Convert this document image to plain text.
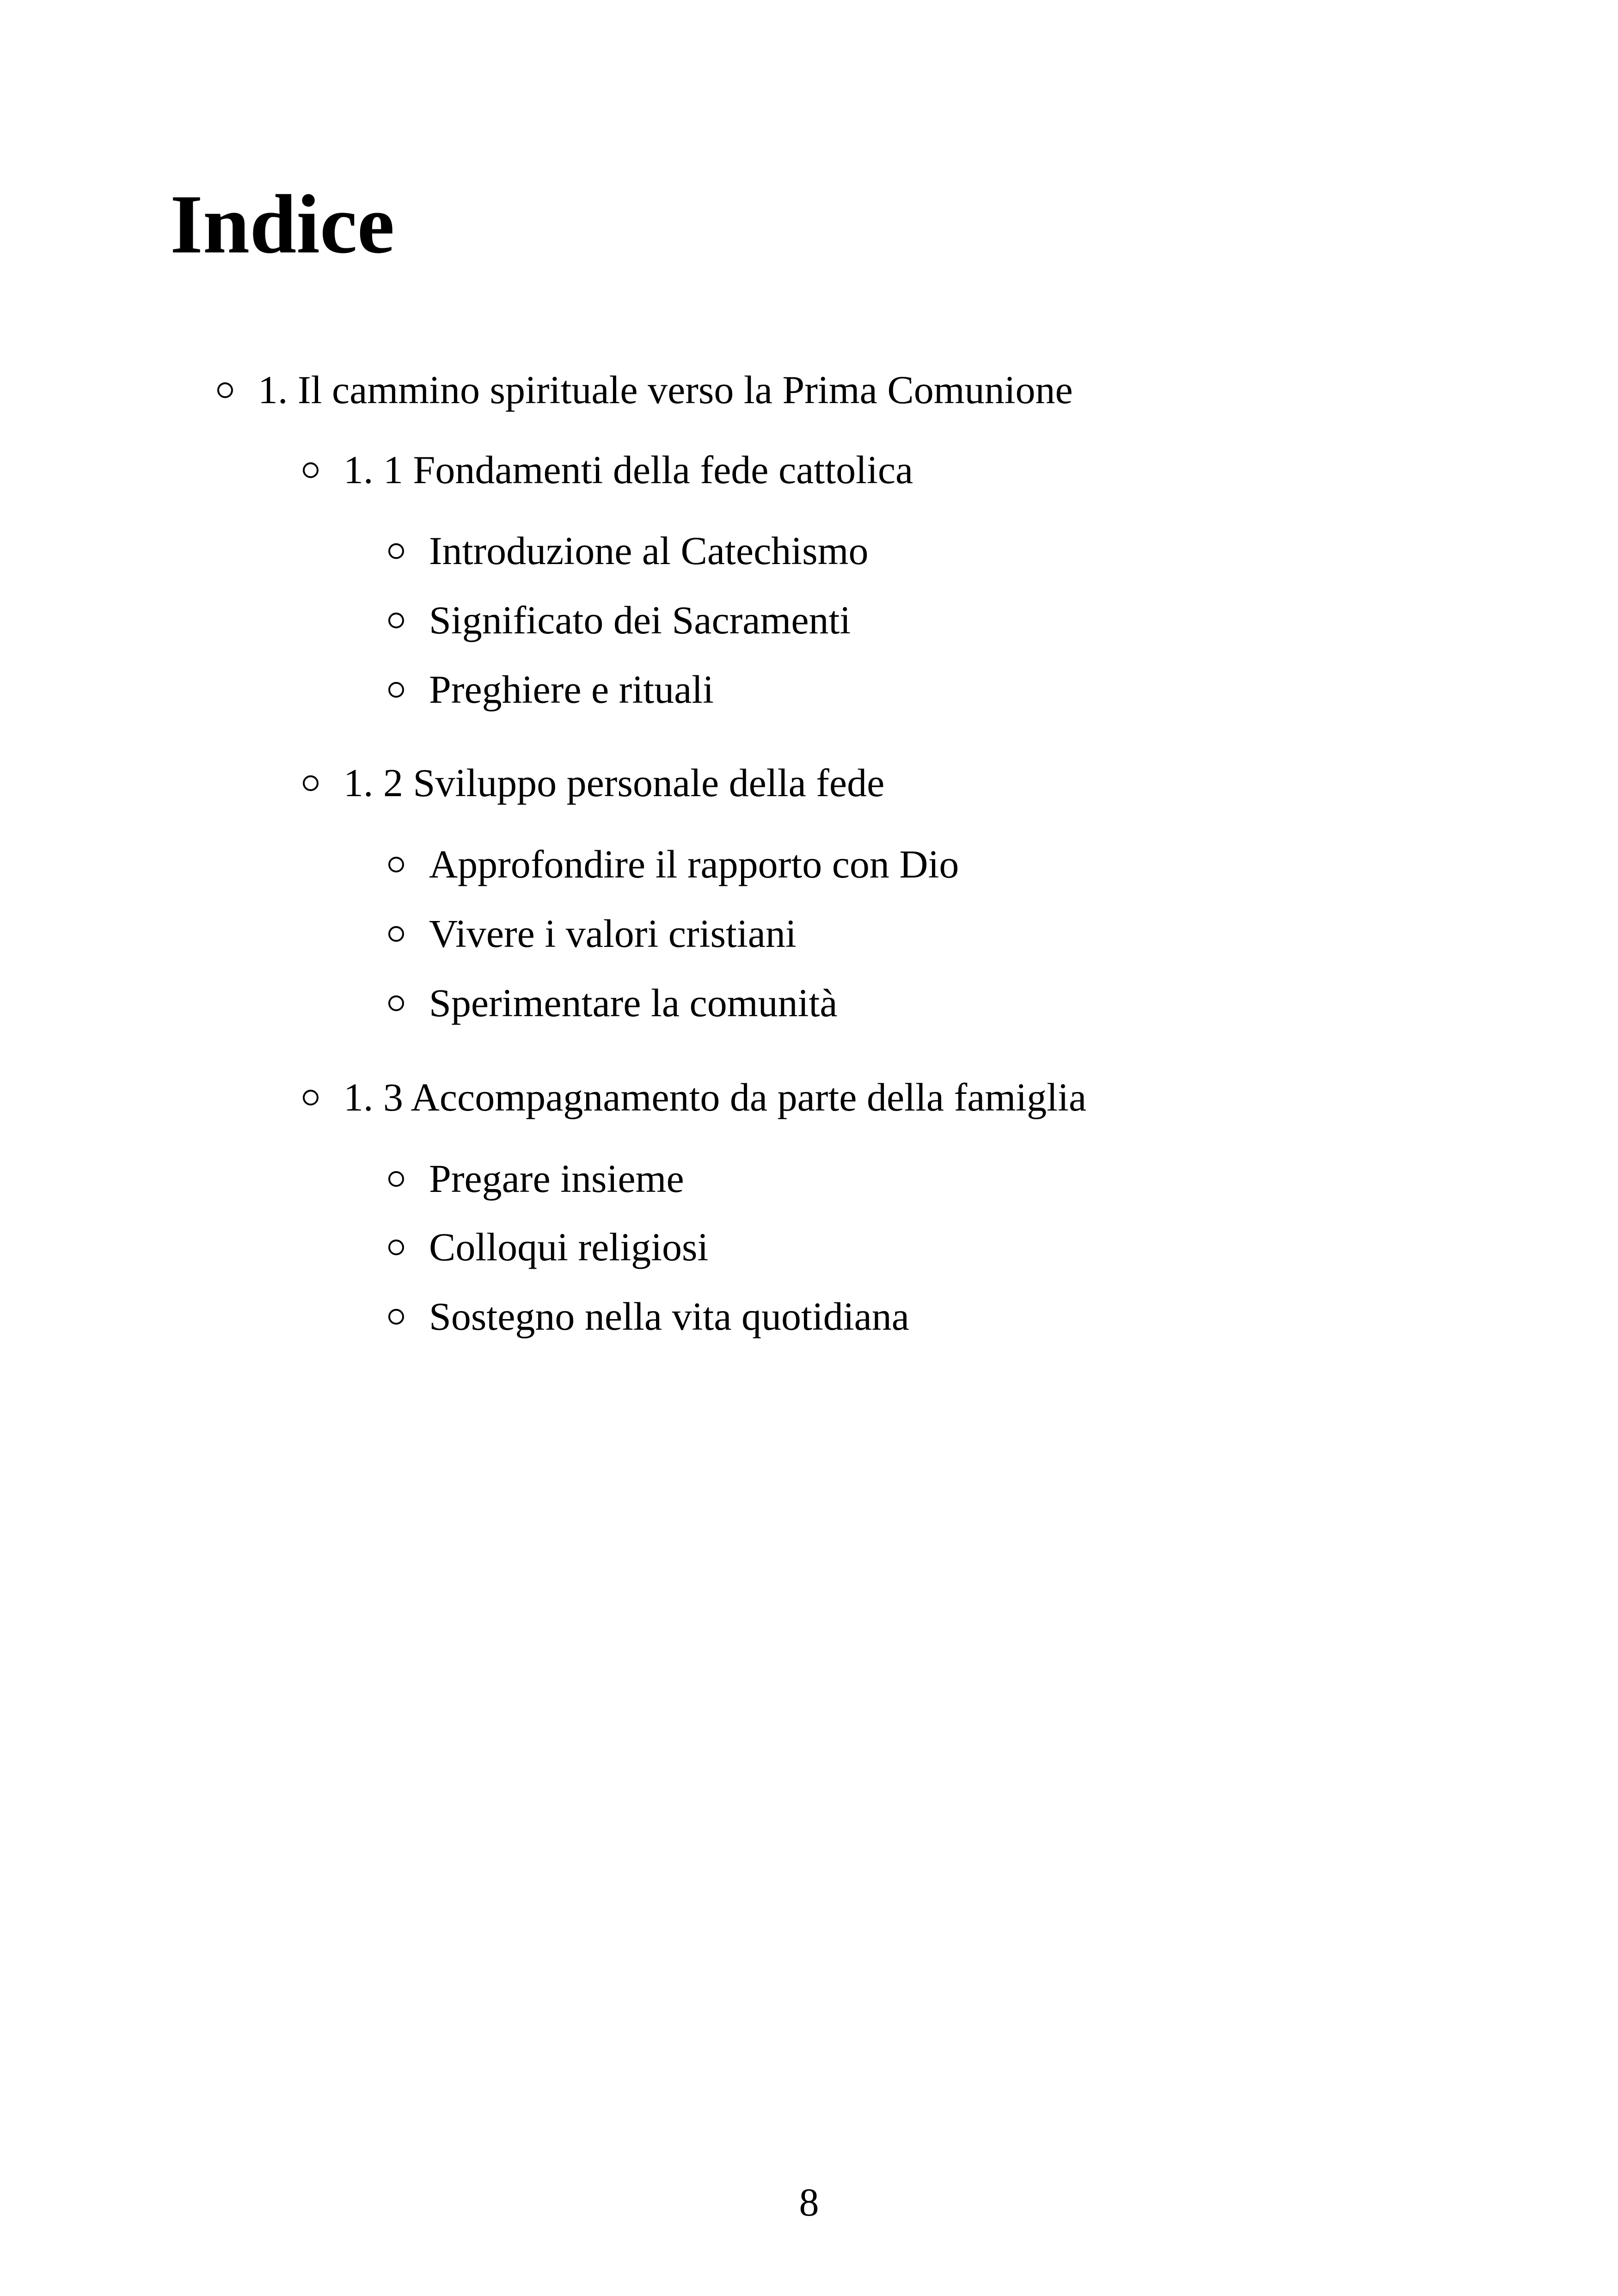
Indice
1. Il cammino spirituale verso la Prima Comunione
1. 1 Fondamenti della fede cattolica
Introduzione al Catechismo
Significato dei Sacramenti
Preghiere e rituali
1. 2 Sviluppo personale della fede
Approfondire il rapporto con Dio
Vivere i valori cristiani
Sperimentare la comunità
1. 3 Accompagnamento da parte della famiglia
Pregare insieme
Colloqui religiosi
Sostegno nella vita quotidiana
8
